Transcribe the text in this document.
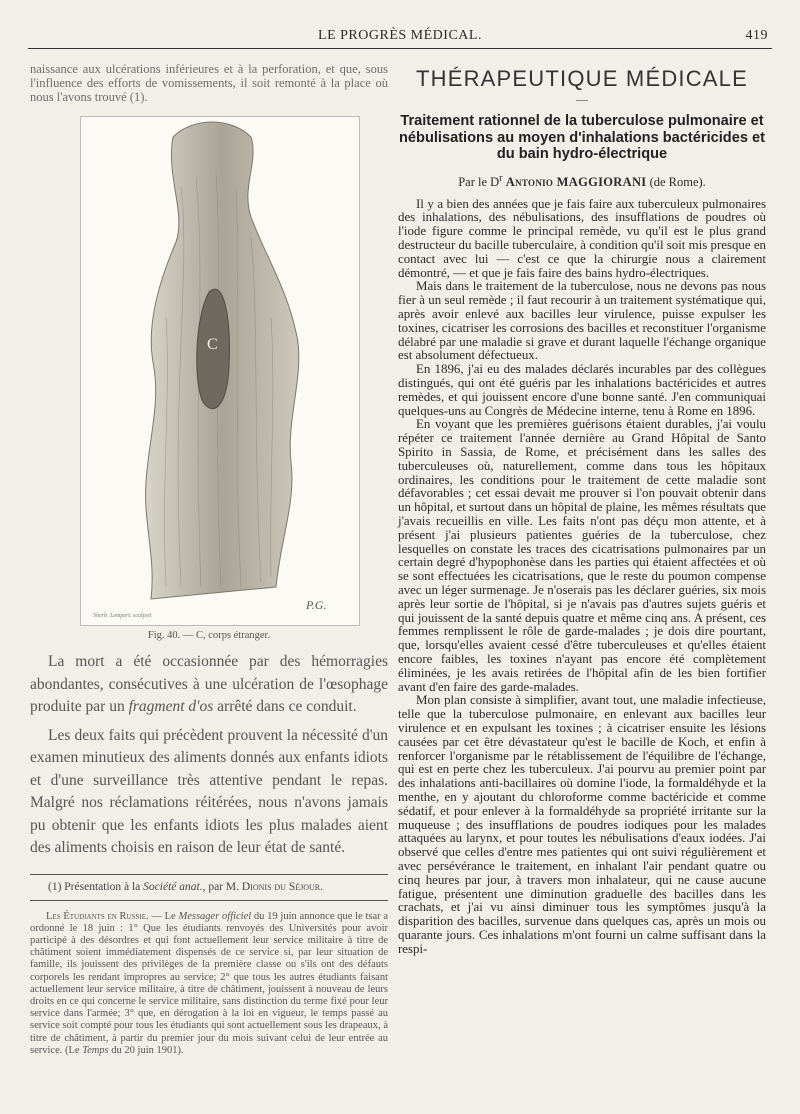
LE PROGRÈS MÉDICAL.	419

naissance aux ulcérations inférieures et à la perforation, et que, sous l'influence des efforts de vomissements, il soit remonté à la place où nous l'avons trouvé (1).

C
P.G.
Sherb. Lempert. sculpsit
Fig. 40. — C, corps étranger.

La mort a été occasionnée par des hémorragies abondantes, consécutives à une ulcération de l'œsophage produite par un fragment d'os arrêté dans ce conduit.

Les deux faits qui précèdent prouvent la nécessité d'un examen minutieux des aliments donnés aux enfants idiots et d'une surveillance très attentive pendant le repas. Malgré nos réclamations réitérées, nous n'avons jamais pu obtenir que les enfants idiots les plus malades aient des aliments choisis en raison de leur état de santé.

(1) Présentation à la Société anat., par M. Dionis du Séjour.

Les Étudiants en Russie. — Le Messager officiel du 19 juin annonce que le tsar a ordonné le 18 juin : 1° Que les étudiants renvoyés des Universités pour avoir participé à des désordres et qui font actuellement leur service militaire à titre de châtiment soient immédiatement dispensés de ce service si, par leur situation de famille, ils jouissent des privilèges de la première classe ou s'ils ont des défauts corporels les rendant impropres au service; 2° que tous les autres étudiants faisant actuellement leur service militaire, à titre de châtiment, jouissent à nouveau de leurs droits en ce qui concerne le service militaire, sans distinction du terme fixé pour leur service dans l'armée; 3° que, en dérogation à la loi en vigueur, le temps passé au service soit compté pour tous les étudiants qui sont actuellement sous les drapeaux, à titre de châtiment, à partir du premier jour du mois suivant celui de leur entrée au service. (Le Temps du 20 juin 1901).

THÉRAPEUTIQUE MÉDICALE
—
Traitement rationnel de la tuberculose pulmonaire et nébulisations au moyen d'inhalations bactéricides et du bain hydro-électrique
Par le $D^r$ Antonio MAGGIORANI (de Rome).

Il y a bien des années que je fais faire aux tuberculeux pulmonaires des inhalations, des nébulisations, des insufflations de poudres où l'iode figure comme le principal remède, vu qu'il est le plus grand destructeur du bacille tuberculaire, à condition qu'il soit mis presque en contact avec lui — c'est ce que la chirurgie nous a clairement démontré, — et que je fais faire des bains hydro-électriques.

Mais dans le traitement de la tuberculose, nous ne devons pas nous fier à un seul remède ; il faut recourir à un traitement systématique qui, après avoir enlevé aux bacilles leur virulence, puisse expulser les toxines, cicatriser les corrosions des bacilles et reconstituer l'organisme délabré par une maladie si grave et durant laquelle l'échange organique est absolument défectueux.

En 1896, j'ai eu des malades déclarés incurables par des collègues distingués, qui ont été guéris par les inhalations bactéricides et autres remèdes, et qui jouissent encore d'une bonne santé. J'en communiquai quelques-uns au Congrès de Médecine interne, tenu à Rome en 1896.

En voyant que les premières guérisons étaient durables, j'ai voulu répéter ce traitement l'année dernière au Grand Hôpital de Santo Spirito in Sassia, de Rome, et précisément dans les salles des tuberculeuses où, naturellement, comme dans tous les hôpitaux ordinaires, les conditions pour le traitement de cette maladie sont défavorables ; cet essai devait me prouver si l'on pouvait obtenir dans un hôpital, et surtout dans un hôpital de plaine, les mêmes résultats que j'avais recueillis en ville. Les faits n'ont pas déçu mon attente, et à présent j'ai plusieurs patientes guéries de la tuberculose, chez lesquelles on constate les traces des cicatrisations pulmonaires par un certain degré d'hypophonèse dans les parties qui étaient affectées et où se sont effectuées les cicatrisations, que le reste du poumon compense avec un léger surmenage. Je n'oserais pas les déclarer guéries, six mois après leur sortie de l'hôpital, si je n'avais pas d'autres sujets guéris et qui jouissent de la santé depuis quatre et même cinq ans. A présent, ces femmes remplissent le rôle de garde-malades ; je dois dire pourtant, que, lorsqu'elles avaient cessé d'être tuberculeuses et qu'elles étaient encore faibles, les toxines n'ayant pas encore été complètement éliminées, je les avais retirées de l'hôpital afin de les bien fortifier avant d'en faire des garde-malades.

Mon plan consiste à simplifier, avant tout, une maladie infectieuse, telle que la tuberculose pulmonaire, en enlevant aux bacilles leur virulence et en expulsant les toxines ; à cicatriser ensuite les lésions causées par cet être dévastateur qu'est le bacille de Koch, et enfin à renforcer l'organisme par le rétablissement de l'équilibre de l'échange, qui est en perte chez les tuberculeux. J'ai pourvu au premier point par des inhalations anti-bacillaires où domine l'iode, la formaldéhyde et la menthe, en y ajoutant du chloroforme comme bactéricide et comme sédatif, et pour enlever à la formaldéhyde sa propriété irritante sur la muqueuse ; des insufflations de poudres iodiques pour les malades attaquées au larynx, et pour toutes les nébulisations d'eaux iodées. J'ai observé que celles d'entre mes patientes qui ont suivi régulièrement et avec persévérance le traitement, en inhalant l'air pendant quatre ou cinq heures par jour, à travers mon inhalateur, qui ne cause aucune fatigue, présentent une diminution graduelle des bacilles dans les crachats, et j'ai vu ainsi diminuer tous les symptômes jusqu'à la disparition des bacilles, survenue dans quelques cas, après un mois ou quarante jours. Ces inhalations m'ont fourni un calme suffisant dans la respi-
